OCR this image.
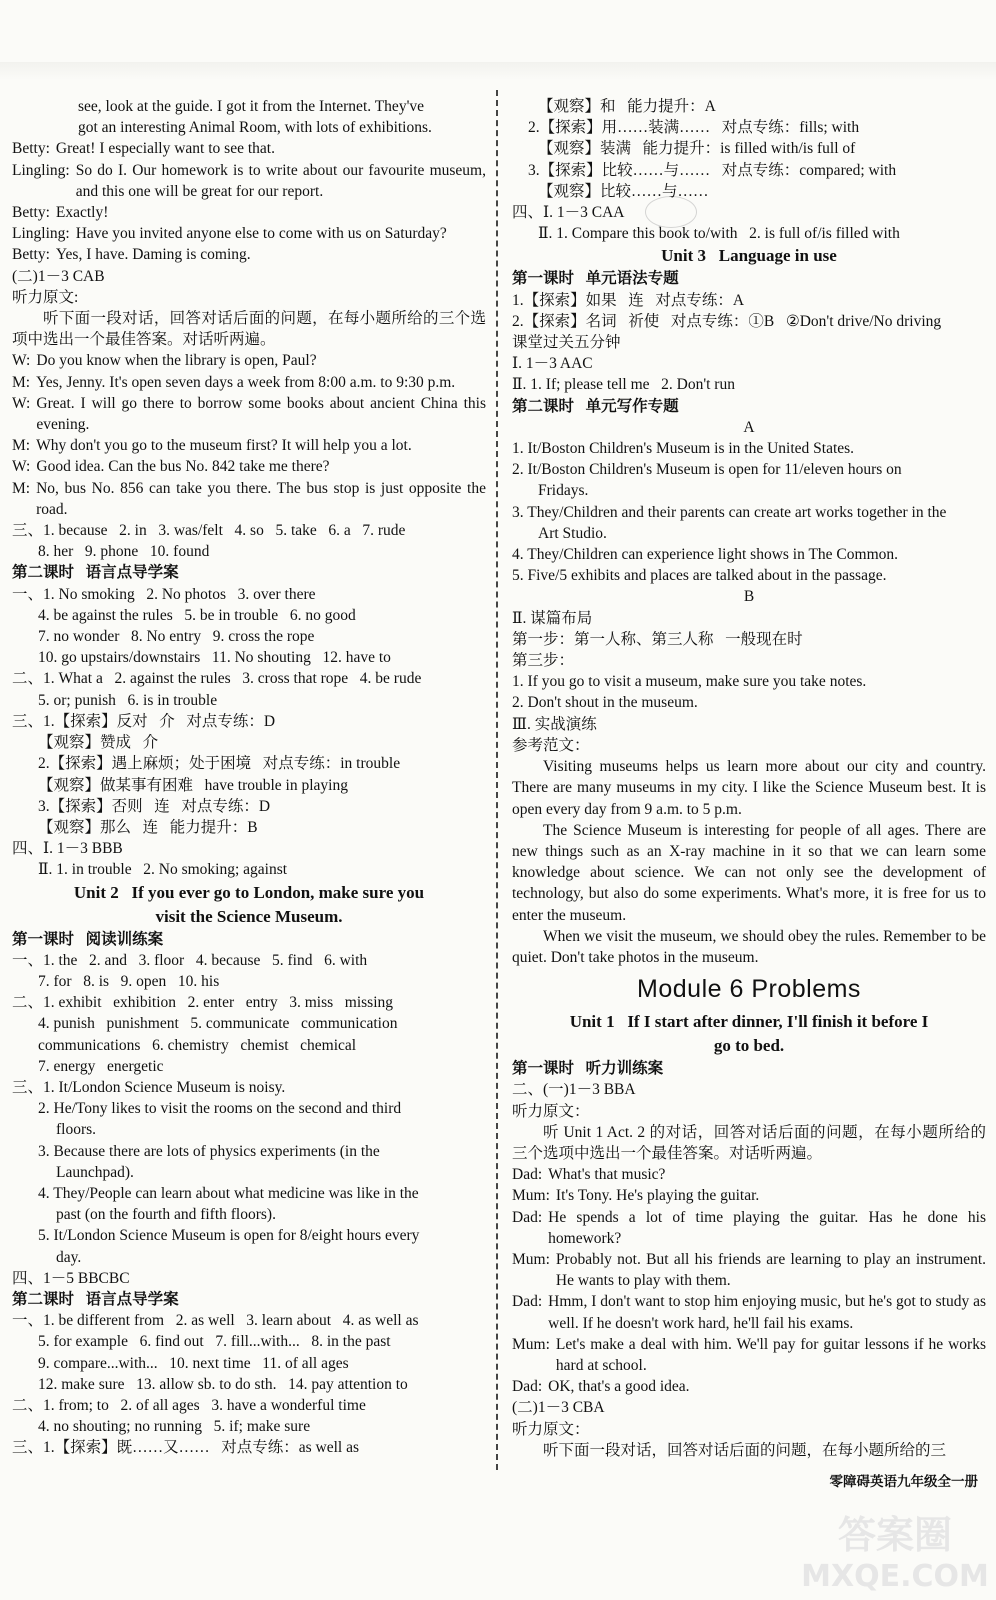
see, look at the guide. I got it from the Internet. They've
got an interesting Animal Room, with lots of exhibitions.
Betty: Great! I especially want to see that.
Lingling: So do I. Our homework is to write about our favourite museum, and this one will be great for our report.
Betty: Exactly!
Lingling: Have you invited anyone else to come with us on Saturday?
Betty: Yes, I have. Daming is coming.
(二)1－3 CAB
听力原文:
听下面一段对话，回答对话后面的问题，在每小题所给的三个选项中选出一个最佳答案。对话听两遍。
W: Do you know when the library is open, Paul?
M: Yes, Jenny. It's open seven days a week from 8:00 a.m. to 9:30 p.m.
W: Great. I will go there to borrow some books about ancient China this evening.
M: Why don't you go to the museum first? It will help you a lot.
W: Good idea. Can the bus No. 842 take me there?
M: No, bus No. 856 can take you there. The bus stop is just opposite the road.
三、1. because   2. in   3. was/felt   4. so   5. take   6. a   7. rude
8. her   9. phone   10. found
第二课时   语言点导学案
一、1. No smoking   2. No photos   3. over there
4. be against the rules   5. be in trouble   6. no good
7. no wonder   8. No entry   9. cross the rope
10. go upstairs/downstairs   11. No shouting   12. have to
二、1. What a   2. against the rules   3. cross that rope   4. be rude
5. or; punish   6. is in trouble
三、1.【探索】反对   介   对点专练：D
【观察】赞成   介
2.【探索】遇上麻烦；处于困境   对点专练：in trouble
【观察】做某事有困难   have trouble in playing
3.【探索】否则   连   对点专练：D
【观察】那么   连   能力提升：B
四、Ⅰ. 1－3 BBB
Ⅱ. 1. in trouble   2. No smoking; against
Unit 2   If you ever go to London, make sure you
visit the Science Museum.
第一课时   阅读训练案
一、1. the   2. and   3. floor   4. because   5. find   6. with
7. for   8. is   9. open   10. his
二、1. exhibit   exhibition   2. enter   entry   3. miss   missing
4. punish   punishment   5. communicate   communication
communications   6. chemistry   chemist   chemical
7. energy   energetic
三、1. It/London Science Museum is noisy.
2. He/Tony likes to visit the rooms on the second and third
floors.
3. Because there are lots of physics experiments (in the
Launchpad).
4. They/People can learn about what medicine was like in the
past (on the fourth and fifth floors).
5. It/London Science Museum is open for 8/eight hours every
day.
四、1－5 BBCBC
第二课时   语言点导学案
一、1. be different from   2. as well   3. learn about   4. as well as
5. for example   6. find out   7. fill...with...   8. in the past
9. compare...with...   10. next time   11. of all ages
12. make sure   13. allow sb. to do sth.   14. pay attention to
二、1. from; to   2. of all ages   3. have a wonderful time
4. no shouting; no running   5. if; make sure
三、1.【探索】既……又……   对点专练：as well as
【观察】和   能力提升：A
2.【探索】用……装满……   对点专练：fills; with
【观察】装满   能力提升：is filled with/is full of
3.【探索】比较……与……   对点专练：compared; with
【观察】比较……与……
四、Ⅰ. 1－3 CAA
Ⅱ. 1. Compare this book to/with   2. is full of/is filled with
Unit 3   Language in use
第一课时   单元语法专题
1.【探索】如果   连   对点专练：A
2.【探索】名词   祈使   对点专练：①B   ②Don't drive/No driving
课堂过关五分钟
Ⅰ. 1－3 AAC
Ⅱ. 1. If; please tell me   2. Don't run
第二课时   单元写作专题
A
1. It/Boston Children's Museum is in the United States.
2. It/Boston Children's Museum is open for 11/eleven hours on
Fridays.
3. They/Children and their parents can create art works together in the
Art Studio.
4. They/Children can experience light shows in The Common.
5. Five/5 exhibits and places are talked about in the passage.
B
Ⅱ. 谋篇布局
第一步：第一人称、第三人称   一般现在时
第三步：
1. If you go to visit a museum, make sure you take notes.
2. Don't shout in the museum.
Ⅲ. 实战演练
参考范文：
Visiting museums helps us learn more about our city and country. There are many museums in my city. I like the Science Museum best. It is open every day from 9 a.m. to 5 p.m.
The Science Museum is interesting for people of all ages. There are new things such as an X-ray machine in it so that we can learn some knowledge about science. We can not only see the development of technology, but also do some experiments. What's more, it is free for us to enter the museum.
When we visit the museum, we should obey the rules. Remember to be quiet. Don't take photos in the museum.
Module 6 Problems
Unit 1   If I start after dinner, I'll finish it before I
go to bed.
第一课时   听力训练案
二、(一)1－3 BBA
听力原文：
听 Unit 1 Act. 2 的对话，回答对话后面的问题，在每小题所给的三个选项中选出一个最佳答案。对话听两遍。
Dad: What's that music?
Mum: It's Tony. He's playing the guitar.
Dad: He spends a lot of time playing the guitar. Has he done his homework?
Mum: Probably not. But all his friends are learning to play an instrument. He wants to play with them.
Dad: Hmm, I don't want to stop him enjoying music, but he's got to study as well. If he doesn't work hard, he'll fail his exams.
Mum: Let's make a deal with him. We'll pay for guitar lessons if he works hard at school.
Dad: OK, that's a good idea.
(二)1－3 CBA
听力原文：
听下面一段对话，回答对话后面的问题，在每小题所给的三
零障碍英语九年级全一册
答案圈
MXQE.COM
